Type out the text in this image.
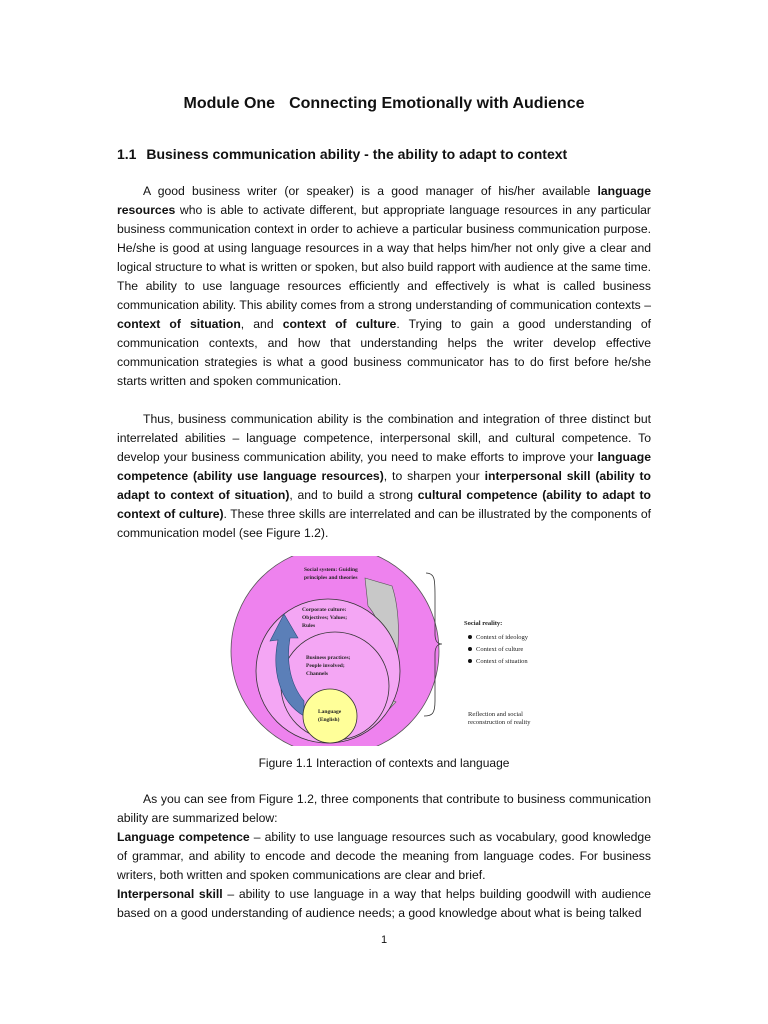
Module One Connecting Emotionally with Audience
1.1 Business communication ability - the ability to adapt to context

A good business writer (or speaker) is a good manager of his/her available language resources who is able to activate different, but appropriate language resources in any particular business communication context in order to achieve a particular business communication purpose. He/she is good at using language resources in a way that helps him/her not only give a clear and logical structure to what is written or spoken, but also build rapport with audience at the same time. The ability to use language resources efficiently and effectively is what is called business communication ability. This ability comes from a strong understanding of communication contexts – context of situation, and context of culture. Trying to gain a good understanding of communication contexts, and how that understanding helps the writer develop effective communication strategies is what a good business communicator has to do first before he/she starts written and spoken communication.

Thus, business communication ability is the combination and integration of three distinct but interrelated abilities – language competence, interpersonal skill, and cultural competence. To develop your business communication ability, you need to make efforts to improve your language competence (ability use language resources), to sharpen your interpersonal skill (ability to adapt to context of situation), and to build a strong cultural competence (ability to adapt to context of culture). These three skills are interrelated and can be illustrated by the components of communication model (see Figure 1.2).

Social system: Guiding
principles and theories
Corporate culture:
Objectives; Values;
Rules
Business practices;
People involved;
Channels
Language
(English)
Social reality:
Context of ideology
Context of culture
Context of situation
Reflection and social
reconstruction of reality

Figure 1.1 Interaction of contexts and language

As you can see from Figure 1.2, three components that contribute to business communication ability are summarized below:

Language competence – ability to use language resources such as vocabulary, good knowledge of grammar, and ability to encode and decode the meaning from language codes. For business writers, both written and spoken communications are clear and brief.

Interpersonal skill – ability to use language in a way that helps building goodwill with audience based on a good understanding of audience needs; a good knowledge about what is being talked

1
